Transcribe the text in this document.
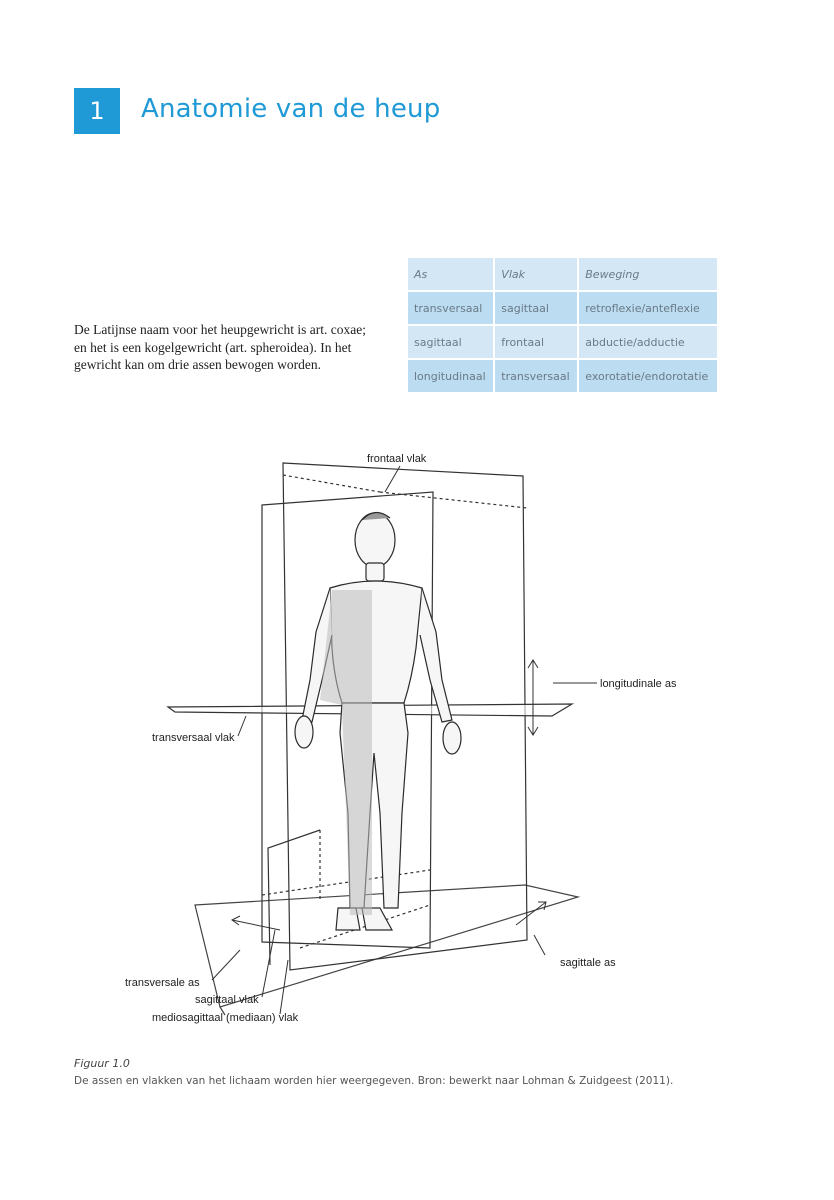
1	Anatomie van de heup

De Latijnse naam voor het heupgewricht is art. coxae; en het is een kogelgewricht (art. spheroidea). In het gewricht kan om drie assen bewogen worden.

As	Vlak	Beweging
transversaal	sagittaal	retroflexie/anteflexie
sagittaal	frontaal	abductie/adductie
longitudinaal	transversaal	exorotatie/endorotatie
frontaal vlak
longitudinale as
transversaal vlak
transversale as
sagittaal vlak
mediosagittaal (mediaan) vlak
sagittale as
Figuur 1.0
De assen en vlakken van het lichaam worden hier weergegeven. Bron: bewerkt naar Lohman & Zuidgeest (2011).
